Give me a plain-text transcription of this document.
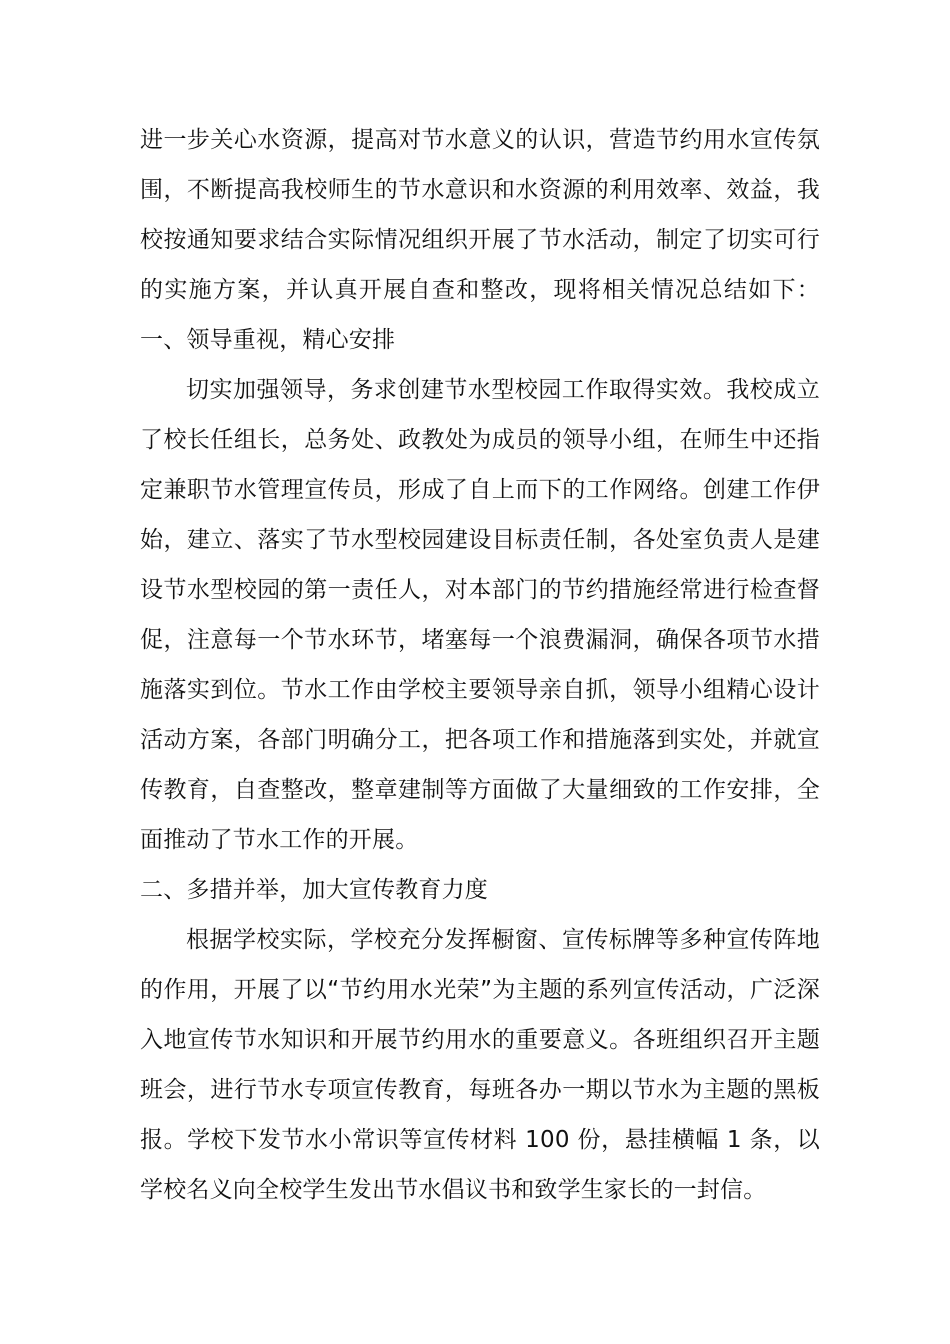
进一步关心水资源，提高对节水意义的认识，营造节约用水宣传氛围，不断提高我校师生的节水意识和水资源的利用效率、效益，我校按通知要求结合实际情况组织开展了节水活动，制定了切实可行的实施方案，并认真开展自查和整改，现将相关情况总结如下：一、领导重视，精心安排

切实加强领导，务求创建节水型校园工作取得实效。我校成立了校长任组长，总务处、政教处为成员的领导小组，在师生中还指定兼职节水管理宣传员，形成了自上而下的工作网络。创建工作伊始，建立、落实了节水型校园建设目标责任制，各处室负责人是建设节水型校园的第一责任人，对本部门的节约措施经常进行检查督促，注意每一个节水环节，堵塞每一个浪费漏洞，确保各项节水措施落实到位。节水工作由学校主要领导亲自抓，领导小组精心设计活动方案，各部门明确分工，把各项工作和措施落到实处，并就宣传教育，自查整改，整章建制等方面做了大量细致的工作安排，全面推动了节水工作的开展。

二、多措并举，加大宣传教育力度

根据学校实际，学校充分发挥橱窗、宣传标牌等多种宣传阵地的作用，开展了以“节约用水光荣”为主题的系列宣传活动，广泛深入地宣传节水知识和开展节约用水的重要意义。各班组织召开主题班会，进行节水专项宣传教育，每班各办一期以节水为主题的黑板报。学校下发节水小常识等宣传材料 100 份，悬挂横幅 1 条，以学校名义向全校学生发出节水倡议书和致学生家长的一封信。
